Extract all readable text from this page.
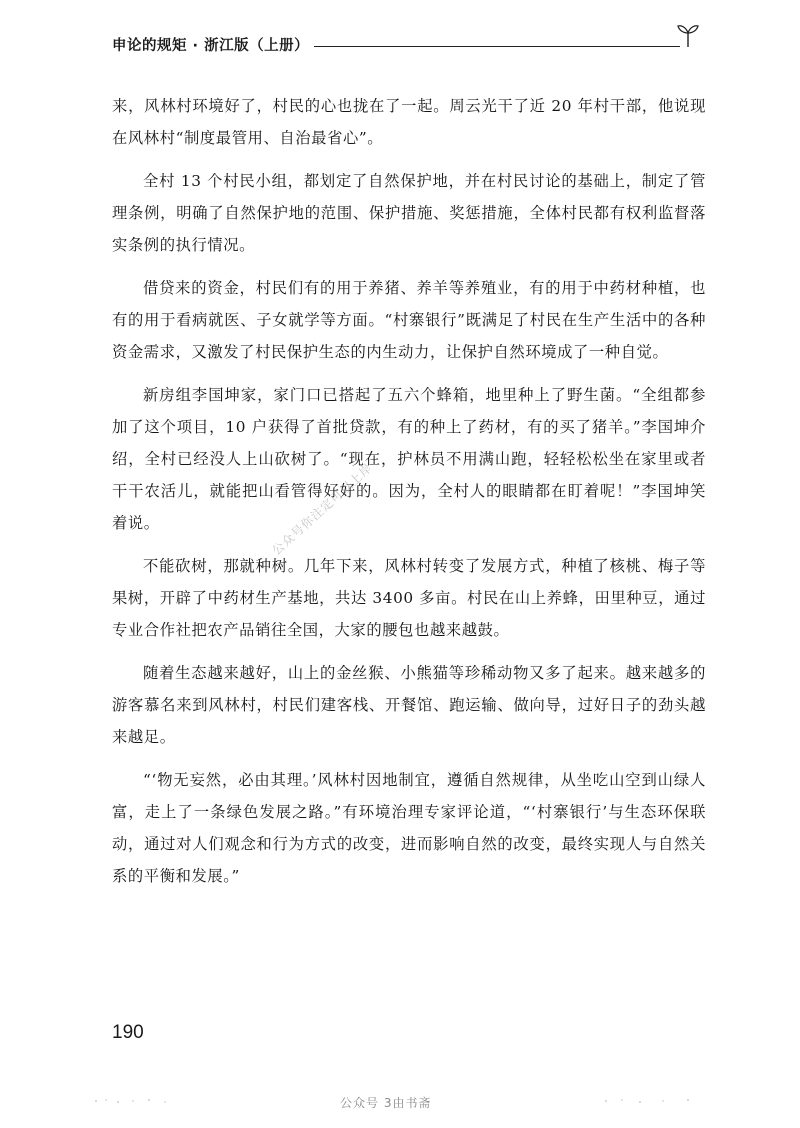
申论的规矩 · 浙江版（上册）

来，风林村环境好了，村民的心也拢在了一起。周云光干了近 20 年村干部，他说现在风林村“制度最管用、自治最省心”。

全村 13 个村民小组，都划定了自然保护地，并在村民讨论的基础上，制定了管理条例，明确了自然保护地的范围、保护措施、奖惩措施，全体村民都有权利监督落实条例的执行情况。

借贷来的资金，村民们有的用于养猪、养羊等养殖业，有的用于中药材种植，也有的用于看病就医、子女就学等方面。“村寨银行”既满足了村民在生产生活中的各种资金需求，又激发了村民保护生态的内生动力，让保护自然环境成了一种自觉。

新房组李国坤家，家门口已搭起了五六个蜂箱，地里种上了野生菌。“全组都参加了这个项目，10 户获得了首批贷款，有的种上了药材，有的买了猪羊。”李国坤介绍，全村已经没人上山砍树了。“现在，护林员不用满山跑，轻轻松松坐在家里或者干干农活儿，就能把山看管得好好的。因为，全村人的眼睛都在盯着呢！”李国坤笑着说。

不能砍树，那就种树。几年下来，风林村转变了发展方式，种植了核桃、梅子等果树，开辟了中药材生产基地，共达 3400 多亩。村民在山上养蜂，田里种豆，通过专业合作社把农产品销往全国，大家的腰包也越来越鼓。

随着生态越来越好，山上的金丝猴、小熊猫等珍稀动物又多了起来。越来越多的游客慕名来到风林村，村民们建客栈、开餐馆、跑运输、做向导，过好日子的劲头越来越足。

“‘物无妄然，必由其理。’风林村因地制宜，遵循自然规律，从坐吃山空到山绿人富，走上了一条绿色发展之路。”有环境治理专家评论道，“‘村寨银行’与生态环保联动，通过对人们观念和行为方式的改变，进而影响自然的改变，最终实现人与自然关系的平衡和发展。”

公众号你注定可以上岸
190
公众号 3由书斋
